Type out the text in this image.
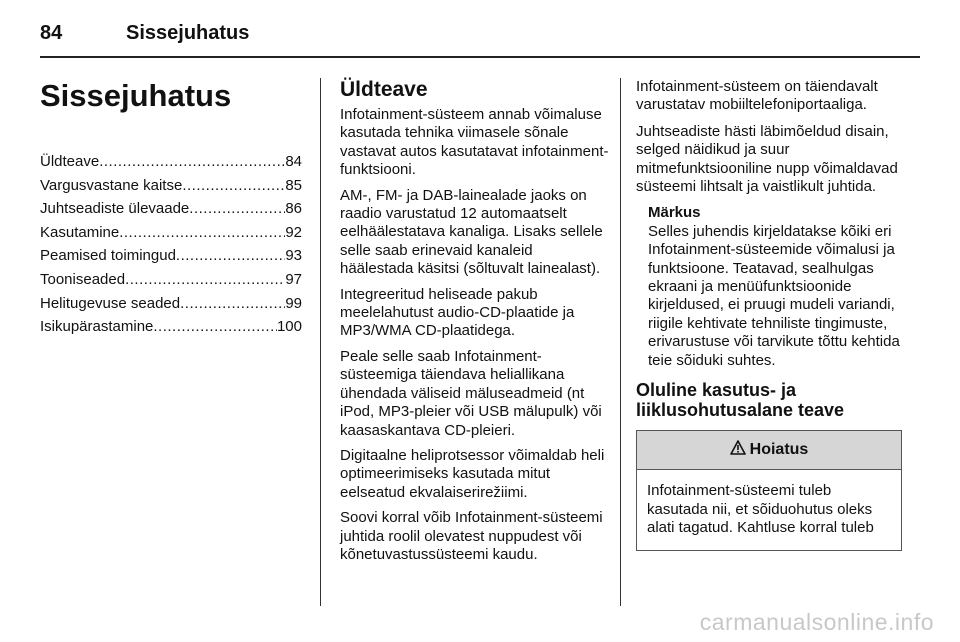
84	Sissejuhatus
Sissejuhatus
Üldteave .....	84
Vargusvastane kaitse .....	85
Juhtseadiste ülevaade .....	86
Kasutamine .....	92
Peamised toimingud .....	93
Tooniseaded .....	97
Helitugevuse seaded .....	99
Isikupärastamine .....	100
Üldteave

Infotainment-süsteem annab võimaluse kasutada tehnika viimasele sõnale vastavat autos kasutatavat infotainment-funktsiooni.

AM-, FM- ja DAB-lainealade jaoks on raadio varustatud 12 automaatselt eelhäälestatava kanaliga. Lisaks sellele selle saab erinevaid kanaleid häälestada käsitsi (sõltuvalt lainealast).

Integreeritud heliseade pakub meelelahutust audio-CD-plaatide ja MP3/WMA CD-plaatidega.

Peale selle saab Infotainment-süsteemiga täiendava heliallikana ühendada väliseid mäluseadmeid (nt iPod, MP3-pleier või USB mälupulk) või kaasaskantava CD-pleieri.

Digitaalne heliprotsessor võimaldab heli optimeerimiseks kasutada mitut eelseatud ekvalaiserirežiimi.

Soovi korral võib Infotainment-süsteemi juhtida roolil olevatest nuppudest või kõnetuvastussüsteemi kaudu.

Infotainment-süsteem on täiendavalt varustatav mobiiltelefoniportaaliga.

Juhtseadiste hästi läbimõeldud disain, selged näidikud ja suur mitmefunktsiooniline nupp võimaldavad süsteemi lihtsalt ja vaistlikult juhtida.

Märkus

Selles juhendis kirjeldatakse kõiki eri Infotainment-süsteemide võimalusi ja funktsioone. Teatavad, sealhulgas ekraani ja menüüfunktsioonide kirjeldused, ei pruugi mudeli variandi, riigile kehtivate tehniliste tingimuste, erivarustuse või tarvikute tõttu kehtida teie sõiduki suhtes.

Oluline kasutus- ja liiklusohutusalane teave
Hoiatus
Infotainment-süsteemi tuleb kasutada nii, et sõiduohutus oleks alati tagatud. Kahtluse korral tuleb
carmanualsonline.info
